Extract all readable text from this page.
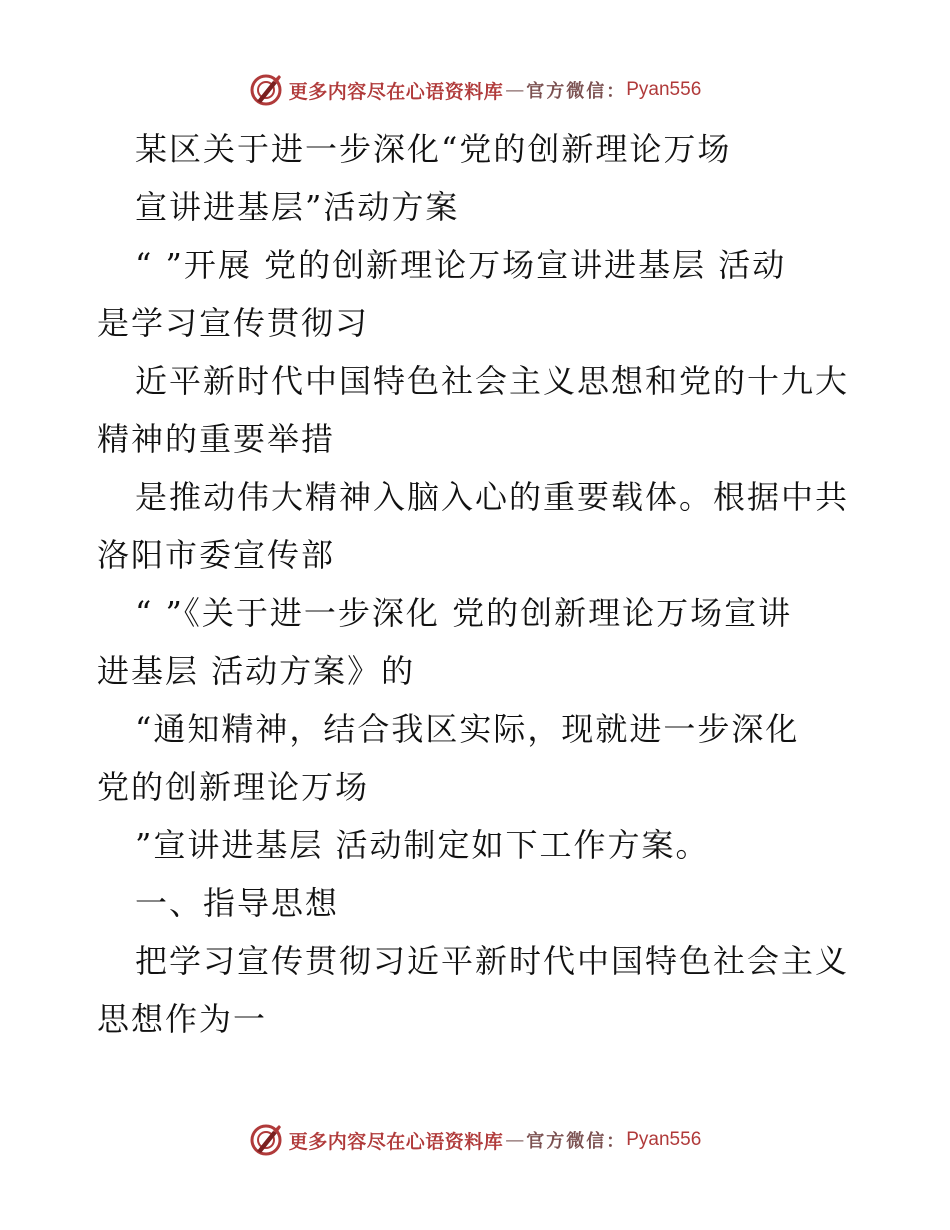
更多内容尽在心语资料库 — 官方微信： Pyan556
某区关于进一步深化“党的创新理论万场
宣讲进基层”活动方案
“ ”开展 党的创新理论万场宣讲进基层 活动
是学习宣传贯彻习
近平新时代中国特色社会主义思想和党的十九大
精神的重要举措
是推动伟大精神入脑入心的重要载体。根据中共
洛阳市委宣传部
“ ”《关于进一步深化 党的创新理论万场宣讲
进基层 活动方案》的
“通知精神，结合我区实际，现就进一步深化
党的创新理论万场
”宣讲进基层 活动制定如下工作方案。
一、指导思想
把学习宣传贯彻习近平新时代中国特色社会主义
思想作为一
更多内容尽在心语资料库 — 官方微信： Pyan556
